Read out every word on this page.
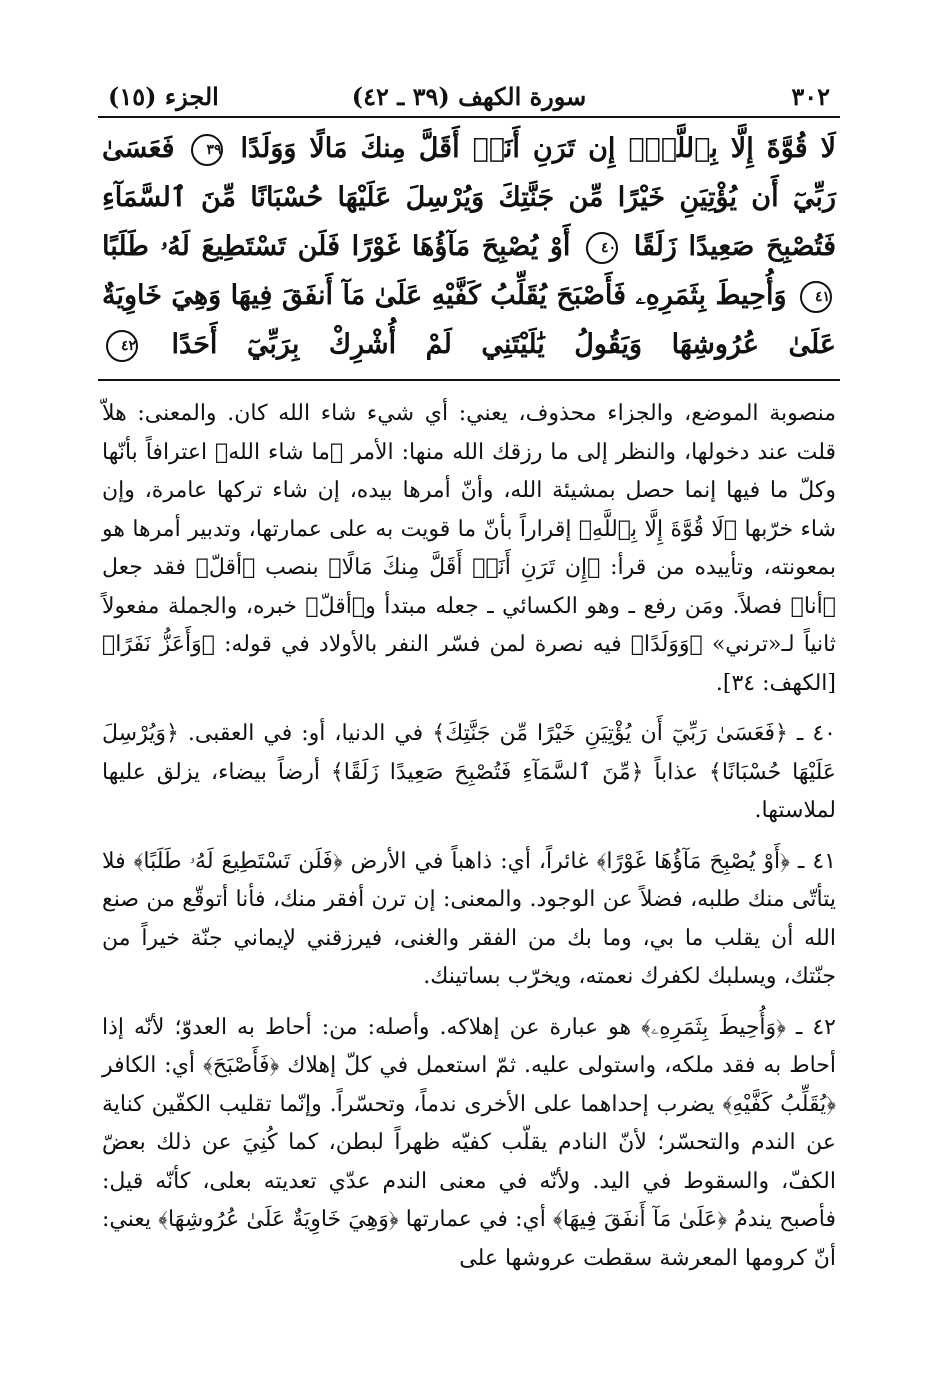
٣٠٢
سورة الكهف (٣٩ ـ ٤٢)
الجزء (١٥)
لَا قُوَّةَ إِلَّا بِٱللَّهِۚ إِن تَرَنِ أَنَا۠ أَقَلَّ مِنكَ مَالًا وَوَلَدًا ٣٩ فَعَسَىٰ رَبِّيٓ أَن يُؤْتِيَنِ خَيْرًا مِّن جَنَّتِكَ وَيُرْسِلَ عَلَيْهَا حُسْبَانًا مِّنَ ٱلسَّمَآءِ فَتُصْبِحَ صَعِيدًا زَلَقًا ٤٠ أَوْ يُصْبِحَ مَآؤُهَا غَوْرًا فَلَن تَسْتَطِيعَ لَهُۥ طَلَبًا ٤١ وَأُحِيطَ بِثَمَرِهِۦ فَأَصْبَحَ يُقَلِّبُ كَفَّيْهِ عَلَىٰ مَآ أَنفَقَ فِيهَا وَهِيَ خَاوِيَةٌ عَلَىٰ عُرُوشِهَا وَيَقُولُ يَٰلَيْتَنِي لَمْ أُشْرِكْ بِرَبِّيٓ أَحَدًا ٤٢

منصوبة الموضع، والجزاء محذوف، يعني: أي شيء شاء الله كان. والمعنى: هلاّ قلت عند دخولها، والنظر إلى ما رزقك الله منها: الأمر ﴿ما شاء الله﴾ اعترافاً بأنّها وكلّ ما فيها إنما حصل بمشيئة الله، وأنّ أمرها بيده، إن شاء تركها عامرة، وإن شاء خرّبها ﴿لَا قُوَّةَ إِلَّا بِٱللَّهِ﴾ إقراراً بأنّ ما قويت به على عمارتها، وتدبير أمرها هو بمعونته، وتأييده من قرأ: ﴿إِن تَرَنِ أَنَا۠ أَقَلَّ مِنكَ مَالًا﴾ بنصب ﴿أقلّ﴾ فقد جعل ﴿أنا﴾ فصلاً. ومَن رفع ـ وهو الكسائي ـ جعله مبتدأ و﴿أقلّ﴾ خبره، والجملة مفعولاً ثانياً لـ«ترني» ﴿وَوَلَدًا﴾ فيه نصرة لمن فسّر النفر بالأولاد في قوله: ﴿وَأَعَزُّ نَفَرًا﴾ [الكهف: ٣٤].

٤٠ ـ ﴿فَعَسَىٰ رَبِّيٓ أَن يُؤْتِيَنِ خَيْرًا مِّن جَنَّتِكَ﴾ في الدنيا، أو: في العقبى. ﴿وَيُرْسِلَ عَلَيْهَا حُسْبَانًا﴾ عذاباً ﴿مِّنَ ٱلسَّمَآءِ فَتُصْبِحَ صَعِيدًا زَلَقًا﴾ أرضاً بيضاء، يزلق عليها لملاستها.

٤١ ـ ﴿أَوْ يُصْبِحَ مَآؤُهَا غَوْرًا﴾ غائراً، أي: ذاهباً في الأرض ﴿فَلَن تَسْتَطِيعَ لَهُۥ طَلَبًا﴾ فلا يتأتّى منك طلبه، فضلاً عن الوجود. والمعنى: إن ترن أفقر منك، فأنا أتوقّع من صنع الله أن يقلب ما بي، وما بك من الفقر والغنى، فيرزقني لإيماني جنّة خيراً من جنّتك، ويسلبك لكفرك نعمته، ويخرّب بساتينك.

٤٢ ـ ﴿وَأُحِيطَ بِثَمَرِهِۦ﴾ هو عبارة عن إهلاكه. وأصله: من: أحاط به العدوّ؛ لأنّه إذا أحاط به فقد ملكه، واستولى عليه. ثمّ استعمل في كلّ إهلاك ﴿فَأَصْبَحَ﴾ أي: الكافر ﴿يُقَلِّبُ كَفَّيْهِ﴾ يضرب إحداهما على الأخرى ندماً، وتحسّراً. وإنّما تقليب الكفّين كناية عن الندم والتحسّر؛ لأنّ النادم يقلّب كفيّه ظهراً لبطن، كما كُنِيَ عن ذلك بعضّ الكفّ، والسقوط في اليد. ولأنّه في معنى الندم عدّي تعديته بعلى، كأنّه قيل: فأصبح يندمُ ﴿عَلَىٰ مَآ أَنفَقَ فِيهَا﴾ أي: في عمارتها ﴿وَهِيَ خَاوِيَةٌ عَلَىٰ عُرُوشِهَا﴾ يعني: أنّ كرومها المعرشة سقطت عروشها على
